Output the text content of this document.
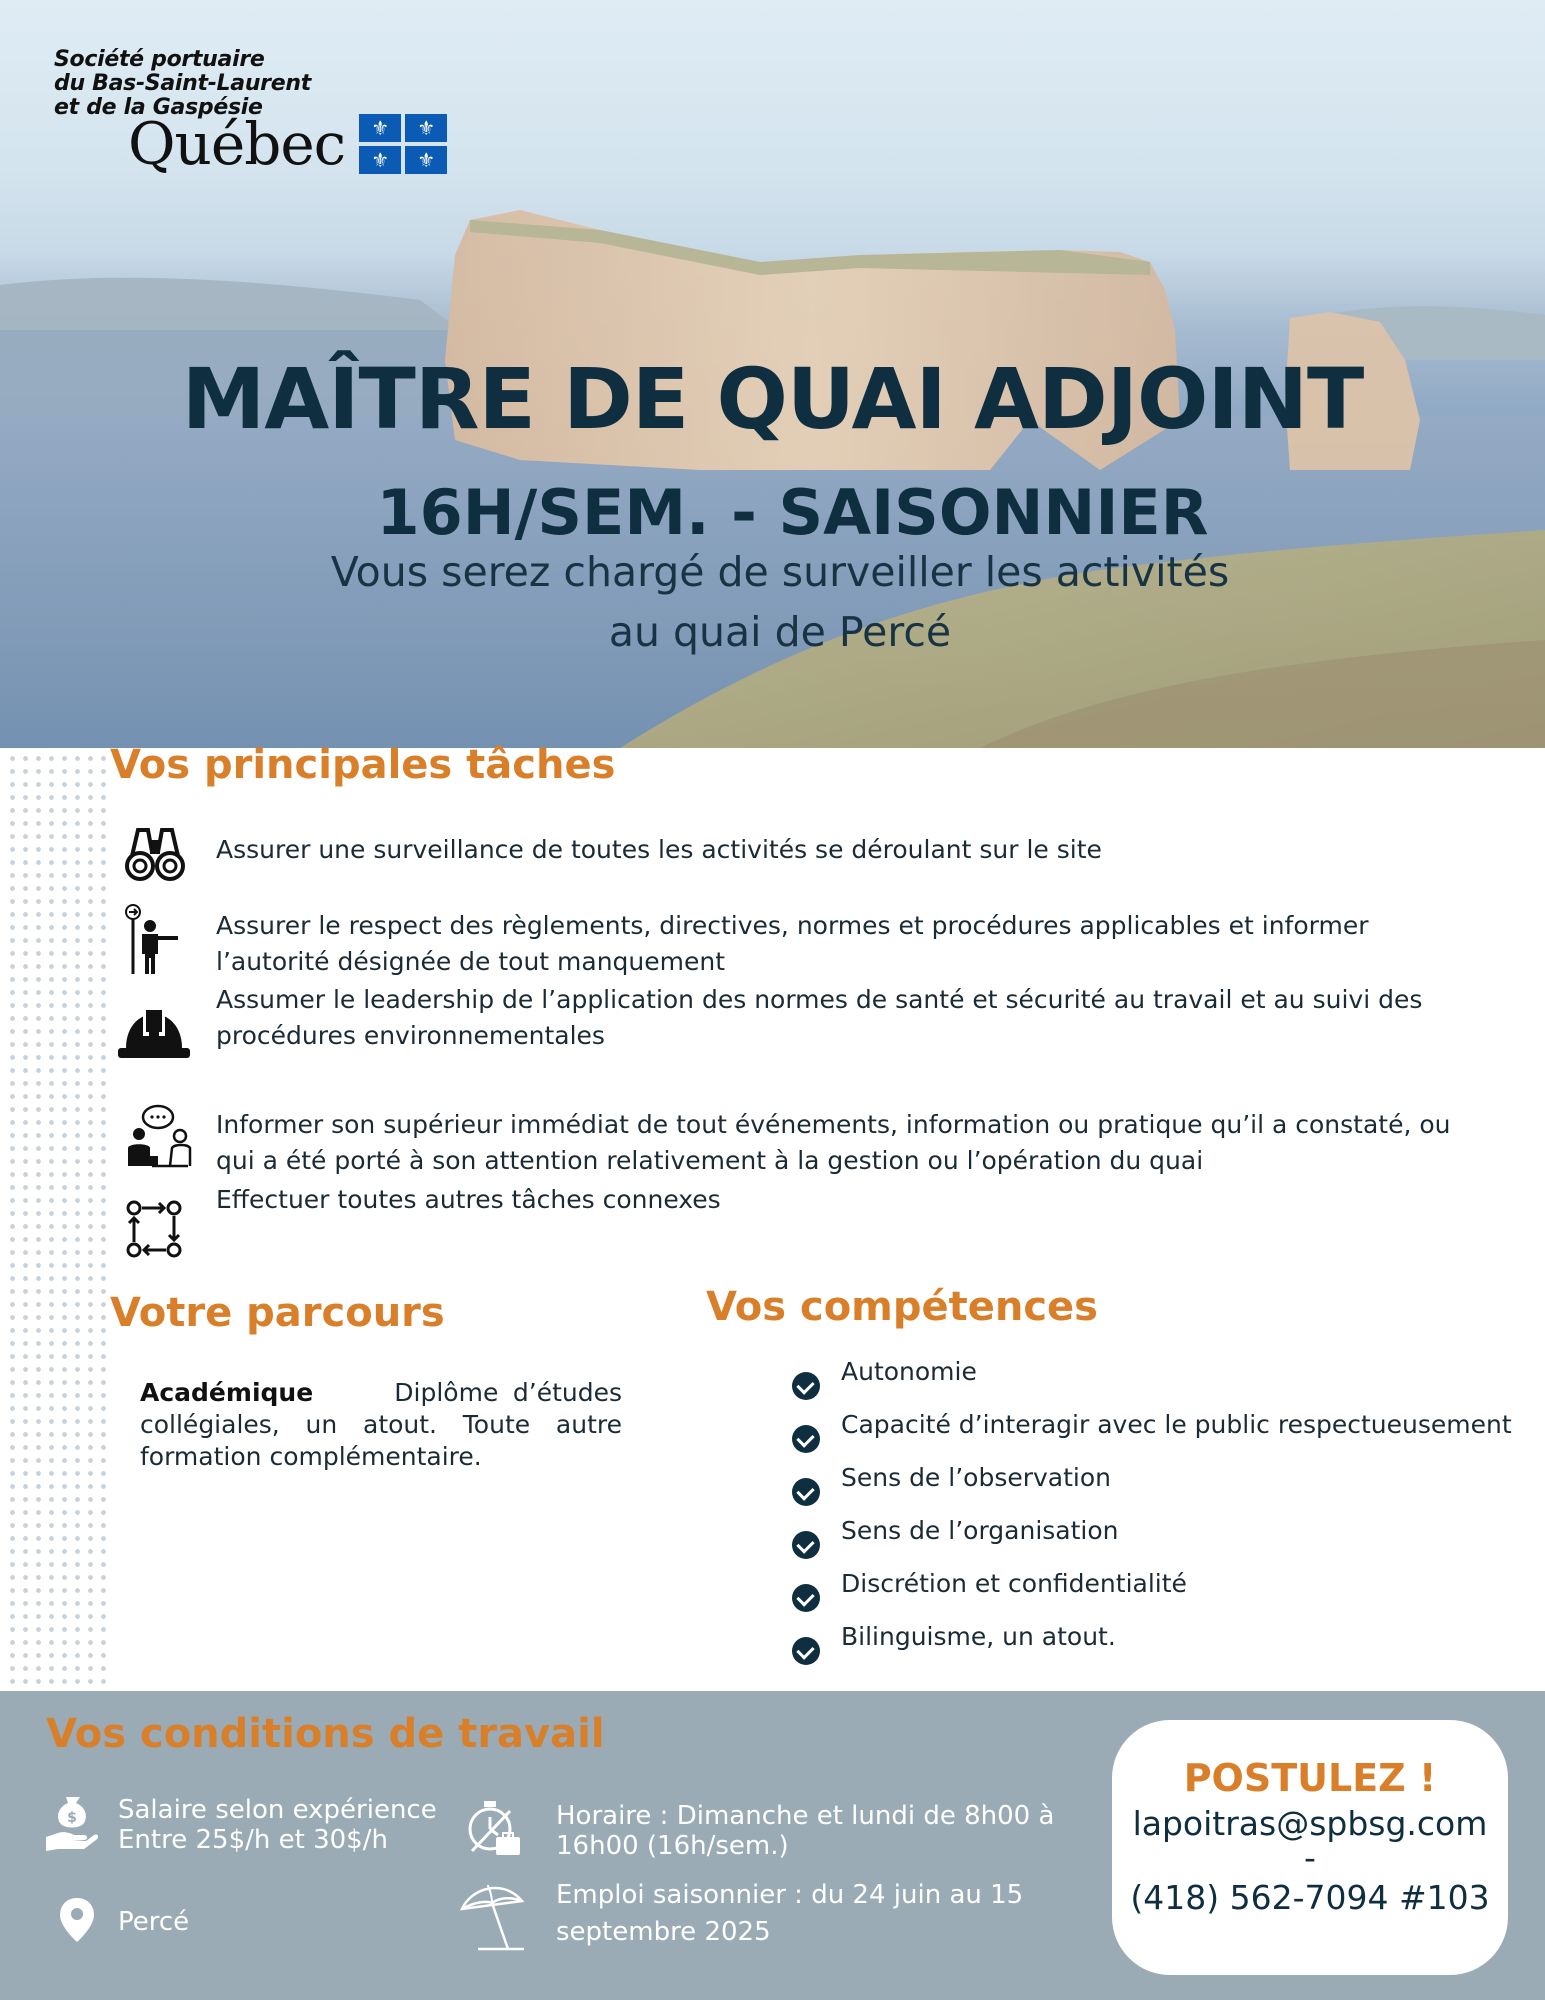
Société portuaire
du Bas-Saint-Laurent
et de la Gaspésie
Québec	⚜	⚜
⚜	⚜
MAÎTRE DE QUAI ADJOINT
16H/SEM. - SAISONNIER
Vous serez chargé de surveiller les activités
au quai de Percé
Vos principales tâches
Assurer une surveillance de toutes les activités se déroulant sur le site
Assurer le respect des règlements, directives, normes et procédures applicables et informer l’autorité désignée de tout manquement
Assumer le leadership de l’application des normes de santé et sécurité au travail et au suivi des procédures environnementales
Informer son supérieur immédiat de tout événements, information ou pratique qu’il a constaté, ou qui a été porté à son attention relativement à la gestion ou l’opération du quai
Effectuer toutes autres tâches connexes
Votre parcours
Académique	Diplôme d’études collégiales, un atout. Toute autre formation complémentaire.
Vos compétences
Autonomie
Capacité d’interagir avec le public respectueusement
Sens de l’observation
Sens de l’organisation
Discrétion et confidentialité
Bilinguisme, un atout.
Vos conditions de travail
$ Salaire selon expérience
Entre 25$/h et 30$/h
Percé
Horaire : Dimanche et lundi de 8h00 à
16h00 (16h/sem.)
Emploi saisonnier : du 24 juin au 15
septembre 2025
POSTULEZ !
lapoitras@spbsg.com
-
(418) 562-7094 #103
